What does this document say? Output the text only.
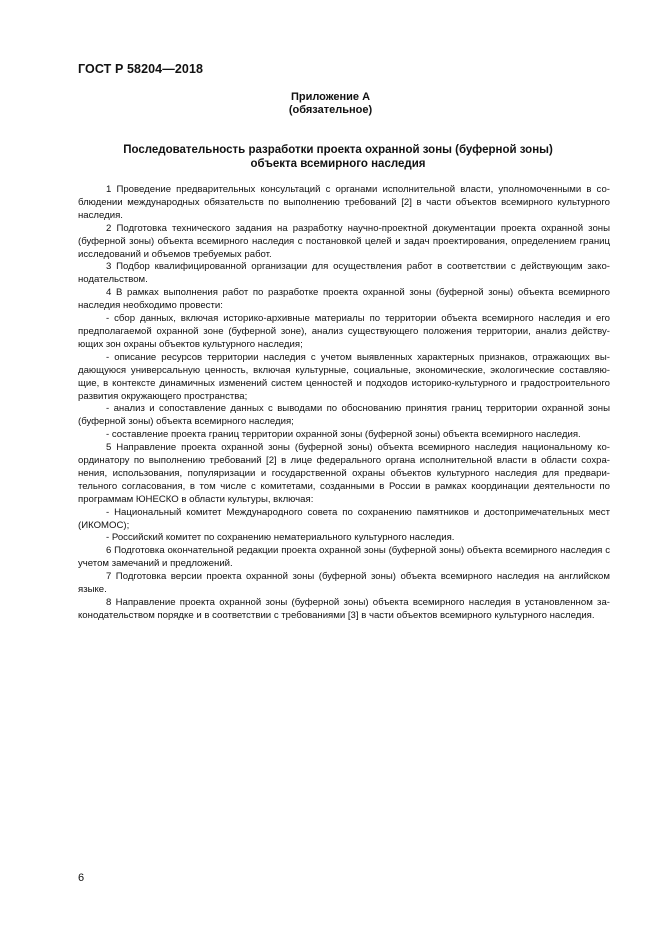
ГОСТ Р 58204—2018
Приложение А
(обязательное)
Последовательность разработки проекта охранной зоны (буферной зоны)
объекта всемирного наследия

1 Проведение предварительных консультаций с органами исполнительной власти, уполномоченными в соблюдении международных обязательств по выполнению требований [2] в части объектов всемирного культурного наследия.

2 Подготовка технического задания на разработку научно-проектной документации проекта охранной зоны (буферной зоны) объекта всемирного наследия с постановкой целей и задач проектирования, определением границ исследований и объемов требуемых работ.

3 Подбор квалифицированной организации для осуществления работ в соответствии с действующим законодательством.

4 В рамках выполнения работ по разработке проекта охранной зоны (буферной зоны) объекта всемирного наследия необходимо провести:

- сбор данных, включая историко-архивные материалы по территории объекта всемирного наследия и его предполагаемой охранной зоне (буферной зоне), анализ существующего положения территории, анализ действующих зон охраны объектов культурного наследия;

- описание ресурсов территории наследия с учетом выявленных характерных признаков, отражающих выдающуюся универсальную ценность, включая культурные, социальные, экономические, экологические составляющие, в контексте динамичных изменений систем ценностей и подходов историко-культурного и градостроительного развития окружающего пространства;

- анализ и сопоставление данных с выводами по обоснованию принятия границ территории охранной зоны (буферной зоны) объекта всемирного наследия;

- составление проекта границ территории охранной зоны (буферной зоны) объекта всемирного наследия.

5 Направление проекта охранной зоны (буферной зоны) объекта всемирного наследия национальному координатору по выполнению требований [2] в лице федерального органа исполнительной власти в области сохранения, использования, популяризации и государственной охраны объектов культурного наследия для предварительного согласования, в том числе с комитетами, созданными в России в рамках координации деятельности по программам ЮНЕСКО в области культуры, включая:

- Национальный комитет Международного совета по сохранению памятников и достопримечательных мест (ИКОМОС);

- Российский комитет по сохранению нематериального культурного наследия.

6 Подготовка окончательной редакции проекта охранной зоны (буферной зоны) объекта всемирного наследия с учетом замечаний и предложений.

7 Подготовка версии проекта охранной зоны (буферной зоны) объекта всемирного наследия на английском языке.

8 Направление проекта охранной зоны (буферной зоны) объекта всемирного наследия в установленном законодательством порядке и в соответствии с требованиями [3] в части объектов всемирного культурного наследия.

6
